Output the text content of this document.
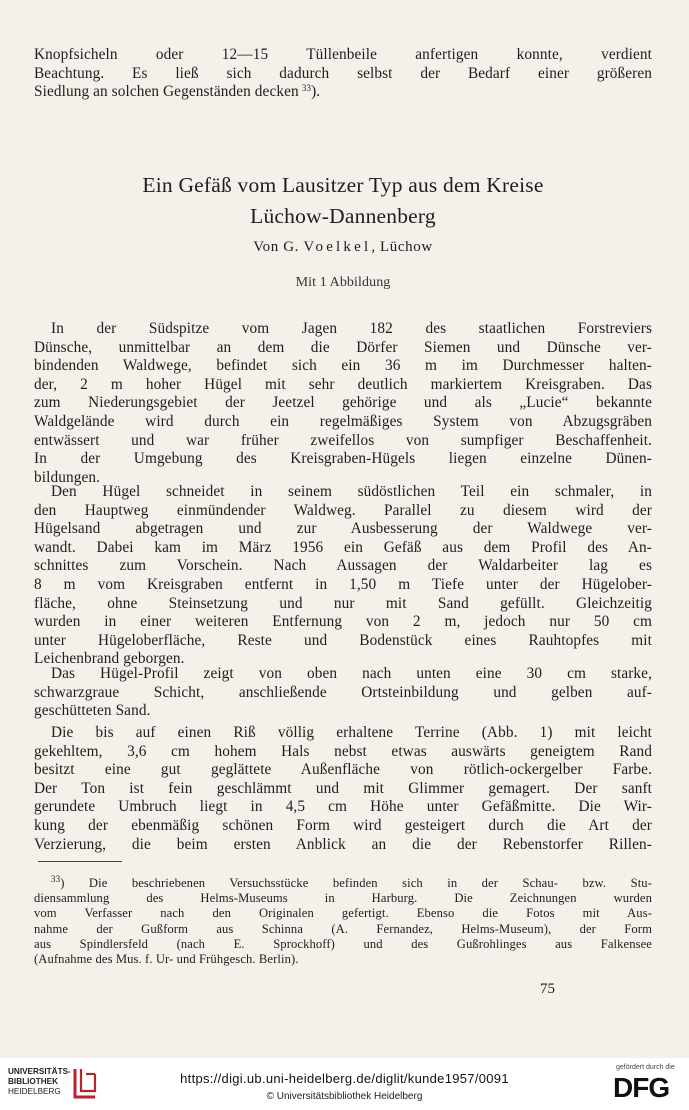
Knopfsicheln oder 12—15 Tüllenbeile anfertigen konnte, verdient
Beachtung. Es ließ sich dadurch selbst der Bedarf einer größeren
Siedlung an solchen Gegenständen decken  $^{33}$).
Ein Gefäß vom Lausitzer Typ aus dem Kreise
Lüchow-Dannenberg
Von G. Voelkel, Lüchow
Mit 1 Abbildung
In der Südspitze vom Jagen 182 des staatlichen Forstreviers
Dünsche, unmittelbar an dem die Dörfer Siemen und Dünsche ver-
bindenden Waldwege, befindet sich ein 36 m im Durchmesser halten-
der, 2 m hoher Hügel mit sehr deutlich markiertem Kreisgraben. Das
zum Niederungsgebiet der Jeetzel gehörige und als „Lucie“ bekannte
Waldgelände wird durch ein regelmäßiges System von Abzugsgräben
entwässert und war früher zweifellos von sumpfiger Beschaffenheit.
In der Umgebung des Kreisgraben-Hügels liegen einzelne Dünen-
bildungen.
Den Hügel schneidet in seinem südöstlichen Teil ein schmaler, in
den Hauptweg einmündender Waldweg. Parallel zu diesem wird der
Hügelsand abgetragen und zur Ausbesserung der Waldwege ver-
wandt. Dabei kam im März 1956 ein Gefäß aus dem Profil des An-
schnittes zum Vorschein. Nach Aussagen der Waldarbeiter lag es
8 m vom Kreisgraben entfernt in 1,50 m Tiefe unter der Hügelober-
fläche, ohne Steinsetzung und nur mit Sand gefüllt. Gleichzeitig
wurden in einer weiteren Entfernung von 2 m, jedoch nur 50 cm
unter Hügeloberfläche, Reste und Bodenstück eines Rauhtopfes mit
Leichenbrand geborgen.
Das Hügel-Profil zeigt von oben nach unten eine 30 cm starke,
schwarzgraue Schicht, anschließende Ortsteinbildung und gelben auf-
geschütteten Sand.
Die bis auf einen Riß völlig erhaltene Terrine (Abb. 1) mit leicht
gekehltem, 3,6 cm hohem Hals nebst etwas auswärts geneigtem Rand
besitzt eine gut geglättete Außenfläche von rötlich-ockergelber Farbe.
Der Ton ist fein geschlämmt und mit Glimmer gemagert. Der sanft
gerundete Umbruch liegt in 4,5 cm Höhe unter Gefäßmitte. Die Wir-
kung der ebenmäßig schönen Form wird gesteigert durch die Art der
Verzierung, die beim ersten Anblick an die der Rebenstorfer Rillen-
$^{33}$) Die beschriebenen Versuchsstücke befinden sich in der Schau- bzw. Stu-
diensammlung des Helms-Museums in Harburg. Die Zeichnungen wurden
vom Verfasser nach den Originalen gefertigt. Ebenso die Fotos mit Aus-
nahme der Gußform aus Schinna (A. Fernandez, Helms-Museum), der Form
aus Spindlersfeld (nach E. Sprockhoff) und des Gußrohlinges aus Falkensee
(Aufnahme des Mus. f. Ur- und Frühgesch. Berlin).
75
UNIVERSITÄTS-
BIBLIOTHEK
HEIDELBERG
https://digi.ub.uni-heidelberg.de/diglit/kunde1957/0091
© Universitätsbibliothek Heidelberg
gefördert durch die
DFG
